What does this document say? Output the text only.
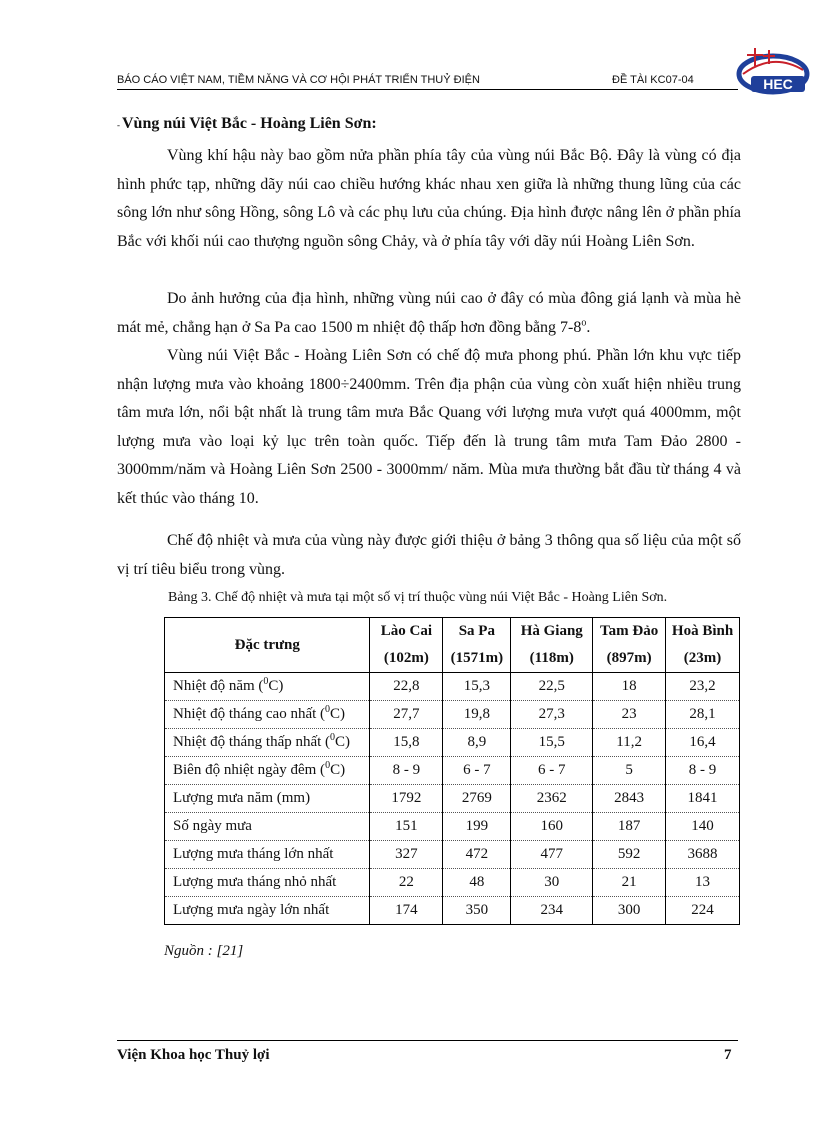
BÁO CÁO VIỆT NAM, TIỀM NĂNG VÀ CƠ HỘI PHÁT TRIỂN THUỶ ĐIỆN	ĐỀ TÀI KC07-04	HEC
- Vùng núi Việt Bắc - Hoàng Liên Sơn:

Vùng khí hậu này bao gồm nửa phần phía tây của vùng núi Bắc Bộ. Đây là vùng có địa hình phức tạp, những dãy núi cao chiều hướng khác nhau xen giữa là những thung lũng của các sông lớn như sông Hồng, sông Lô và các phụ lưu của chúng. Địa hình được nâng lên ở phần phía Bắc với khối núi cao thượng nguồn sông Chảy, và ở phía tây với dãy núi Hoàng Liên Sơn.

Do ảnh hưởng của địa hình, những vùng núi cao ở đây có mùa đông giá lạnh và mùa hè mát mẻ, chẳng hạn ở Sa Pa cao 1500 m nhiệt độ thấp hơn đồng bằng 7-8$^o$.

Vùng núi Việt Bắc - Hoàng Liên Sơn có chế độ mưa phong phú. Phần lớn khu vực tiếp nhận lượng mưa vào khoảng 1800÷2400mm. Trên địa phận của vùng còn xuất hiện nhiều trung tâm mưa lớn, nổi bật nhất là trung tâm mưa Bắc Quang với lượng mưa vượt quá 4000mm, một lượng mưa vào loại kỷ lục trên toàn quốc. Tiếp đến là trung tâm mưa Tam Đảo 2800 - 3000mm/năm và Hoàng Liên Sơn 2500 - 3000mm/ năm. Mùa mưa thường bắt đầu từ tháng 4 và kết thúc vào tháng 10.

Chế độ nhiệt và mưa của vùng này được giới thiệu ở bảng 3 thông qua số liệu của một số vị trí tiêu biểu trong vùng.

Bảng 3. Chế độ nhiệt và mưa tại một số vị trí thuộc vùng núi Việt Bắc - Hoàng Liên Sơn.
Đặc trưng	Lào Cai	Sa Pa	Hà Giang	Tam Đảo	Hoà Bình
	(102m)	(1571m)	(118m)	(897m)	(23m)
Nhiệt độ năm ($^0$C)	22,8	15,3	22,5	18	23,2
Nhiệt độ tháng cao nhất ($^0$C)	27,7	19,8	27,3	23	28,1
Nhiệt độ tháng thấp nhất ($^0$C)	15,8	8,9	15,5	11,2	16,4
Biên độ nhiệt ngày đêm ($^0$C)	8 - 9	6 - 7	6 - 7	5	8 - 9
Lượng mưa năm (mm)	1792	2769	2362	2843	1841
Số ngày mưa	151	199	160	187	140
Lượng mưa tháng lớn nhất	327	472	477	592	3688
Lượng mưa tháng nhỏ nhất	22	48	30	21	13
Lượng mưa ngày lớn nhất	174	350	234	300	224
Nguồn : [21]
Viện Khoa học Thuỷ lợi	7
